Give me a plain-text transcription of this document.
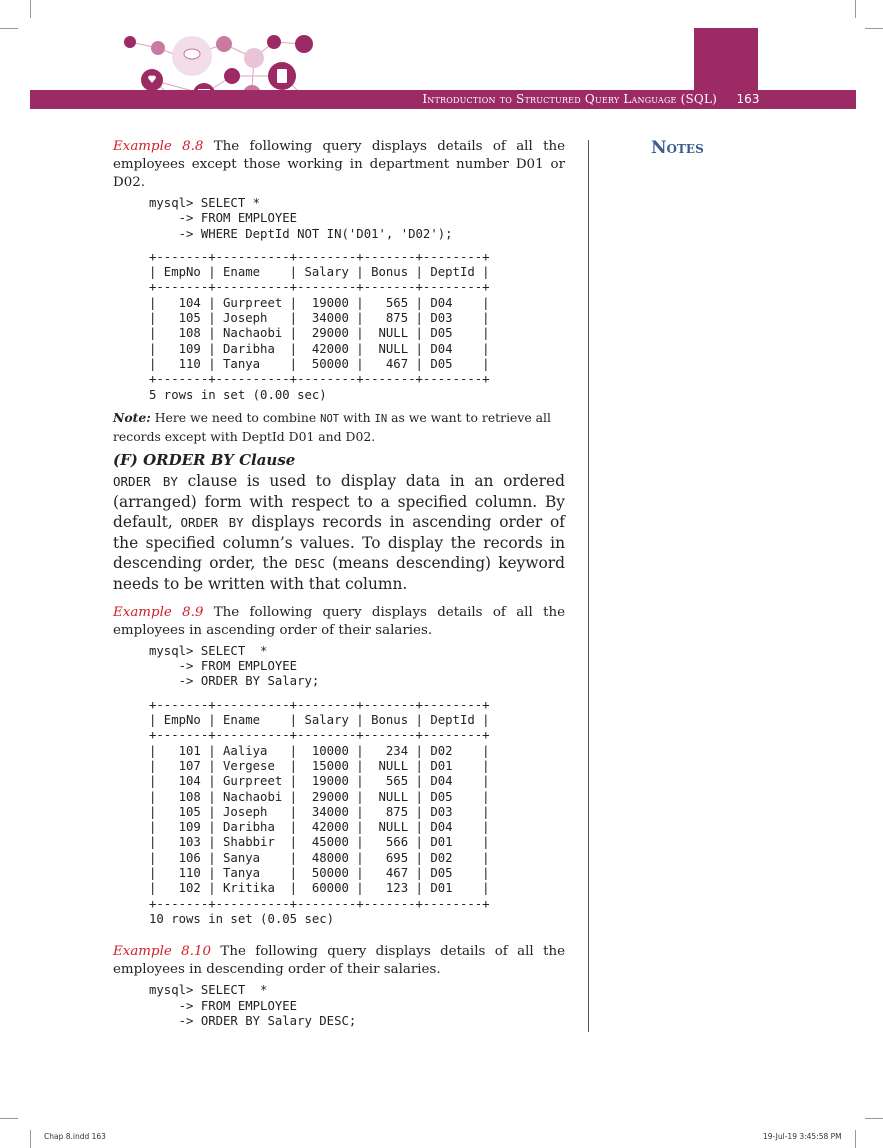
Introduction to Structured Query Language (SQL)	163
Notes

Example 8.8 The following query displays details of all the employees except those working in department number D01 or D02.

mysql> SELECT *
-> FROM EMPLOYEE
-> WHERE DeptId NOT IN('D01', 'D02');
+-------+----------+--------+-------+--------+
| EmpNo | Ename    | Salary | Bonus | DeptId |
+-------+----------+--------+-------+--------+
|   104 | Gurpreet |  19000 |   565 | D04    |
|   105 | Joseph   |  34000 |   875 | D03    |
|   108 | Nachaobi |  29000 |  NULL | D05    |
|   109 | Daribha  |  42000 |  NULL | D04    |
|   110 | Tanya    |  50000 |   467 | D05    |
+-------+----------+--------+-------+--------+
5 rows in set (0.00 sec)

Note: Here we need to combine NOT with IN as we want to retrieve all records except with DeptId D01 and D02.

(F) ORDER BY Clause

ORDER BY clause is used to display data in an ordered (arranged) form with respect to a specified column. By default, ORDER BY displays records in ascending order of the specified column’s values. To display the records in descending order, the DESC (means descending) keyword needs to be written with that column.

Example 8.9 The following query displays details of all the employees in ascending order of their salaries.

mysql> SELECT  *
-> FROM EMPLOYEE
-> ORDER BY Salary;
+-------+----------+--------+-------+--------+
| EmpNo | Ename    | Salary | Bonus | DeptId |
+-------+----------+--------+-------+--------+
|   101 | Aaliya   |  10000 |   234 | D02    |
|   107 | Vergese  |  15000 |  NULL | D01    |
|   104 | Gurpreet |  19000 |   565 | D04    |
|   108 | Nachaobi |  29000 |  NULL | D05    |
|   105 | Joseph   |  34000 |   875 | D03    |
|   109 | Daribha  |  42000 |  NULL | D04    |
|   103 | Shabbir  |  45000 |   566 | D01    |
|   106 | Sanya    |  48000 |   695 | D02    |
|   110 | Tanya    |  50000 |   467 | D05    |
|   102 | Kritika  |  60000 |   123 | D01    |
+-------+----------+--------+-------+--------+
10 rows in set (0.05 sec)

Example 8.10 The following query displays details of all the employees in descending order of their salaries.

mysql> SELECT  *
-> FROM EMPLOYEE
-> ORDER BY Salary DESC;
Chap 8.indd 163	19-Jul-19 3:45:58 PM
